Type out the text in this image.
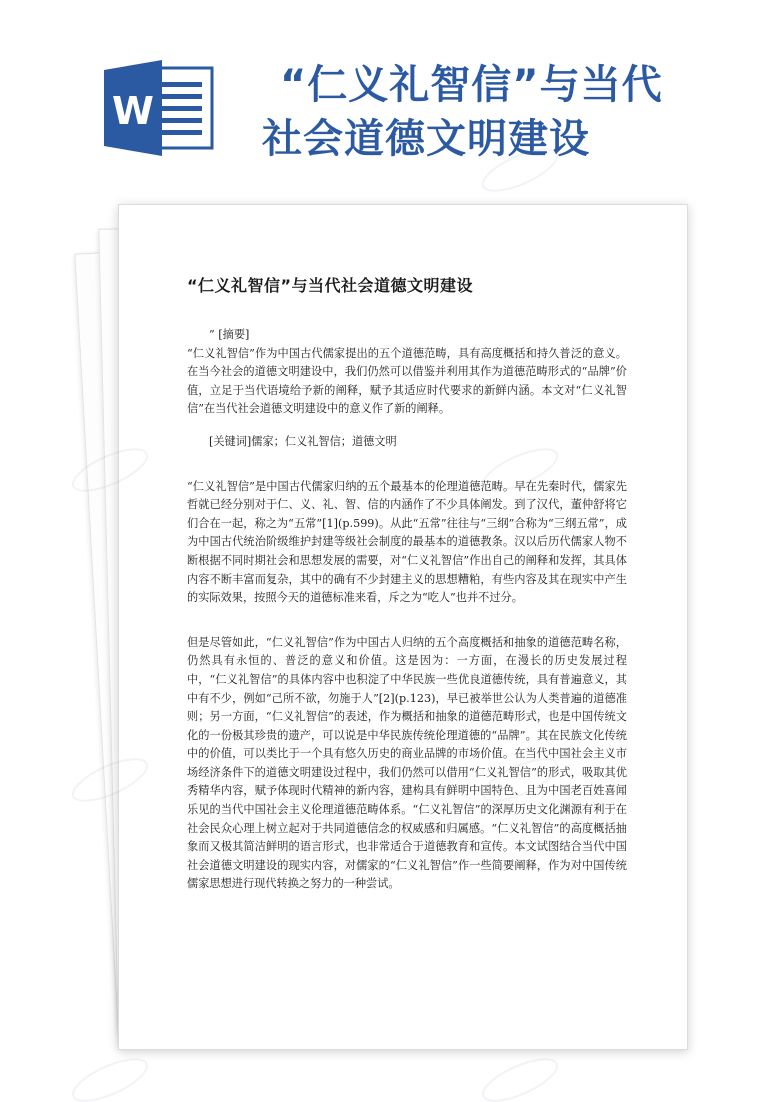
W
“仁义礼智信”与当代
社会道德文明建设
“仁义礼智信”与当代社会道德文明建设

” [摘要]

“仁义礼智信”作为中国古代儒家提出的五个道德范畴，具有高度概括和持久普泛的意义。在当今社会的道德文明建设中，我们仍然可以借鉴并利用其作为道德范畴形式的“品牌”价值，立足于当代语境给予新的阐释，赋予其适应时代要求的新鲜内涵。本文对“仁义礼智信”在当代社会道德文明建设中的意义作了新的阐释。

[关键词]儒家；仁义礼智信；道德文明

“仁义礼智信”是中国古代儒家归纳的五个最基本的伦理道德范畴。早在先秦时代，儒家先哲就已经分别对于仁、义、礼、智、信的内涵作了不少具体阐发。到了汉代，董仲舒将它们合在一起，称之为“五常”[1](p.599)。从此“五常”往往与“三纲”合称为“三纲五常”，成为中国古代统治阶级维护封建等级社会制度的最基本的道德教条。汉以后历代儒家人物不断根据不同时期社会和思想发展的需要，对“仁义礼智信”作出自己的阐释和发挥，其具体内容不断丰富而复杂，其中的确有不少封建主义的思想糟粕，有些内容及其在现实中产生的实际效果，按照今天的道德标准来看，斥之为“吃人”也并不过分。

但是尽管如此，“仁义礼智信”作为中国古人归纳的五个高度概括和抽象的道德范畴名称，仍然具有永恒的、普泛的意义和价值。这是因为：一方面，在漫长的历史发展过程中，“仁义礼智信”的具体内容中也积淀了中华民族一些优良道德传统，具有普遍意义，其中有不少，例如“己所不欲，勿施于人”[2](p.123)，早已被举世公认为人类普遍的道德准则；另一方面，“仁义礼智信”的表述，作为概括和抽象的道德范畴形式，也是中国传统文化的一份极其珍贵的遗产，可以说是中华民族传统伦理道德的“品牌”。其在民族文化传统中的价值，可以类比于一个具有悠久历史的商业品牌的市场价值。在当代中国社会主义市场经济条件下的道德文明建设过程中，我们仍然可以借用“仁义礼智信”的形式，吸取其优秀精华内容，赋予体现时代精神的新内容，建构具有鲜明中国特色、且为中国老百姓喜闻乐见的当代中国社会主义伦理道德范畴体系。“仁义礼智信”的深厚历史文化渊源有利于在社会民众心理上树立起对于共同道德信念的权威感和归属感。“仁义礼智信”的高度概括抽象而又极其简洁鲜明的语言形式，也非常适合于道德教育和宣传。本文试图结合当代中国社会道德文明建设的现实内容，对儒家的“仁义礼智信”作一些简要阐释，作为对中国传统儒家思想进行现代转换之努力的一种尝试。
